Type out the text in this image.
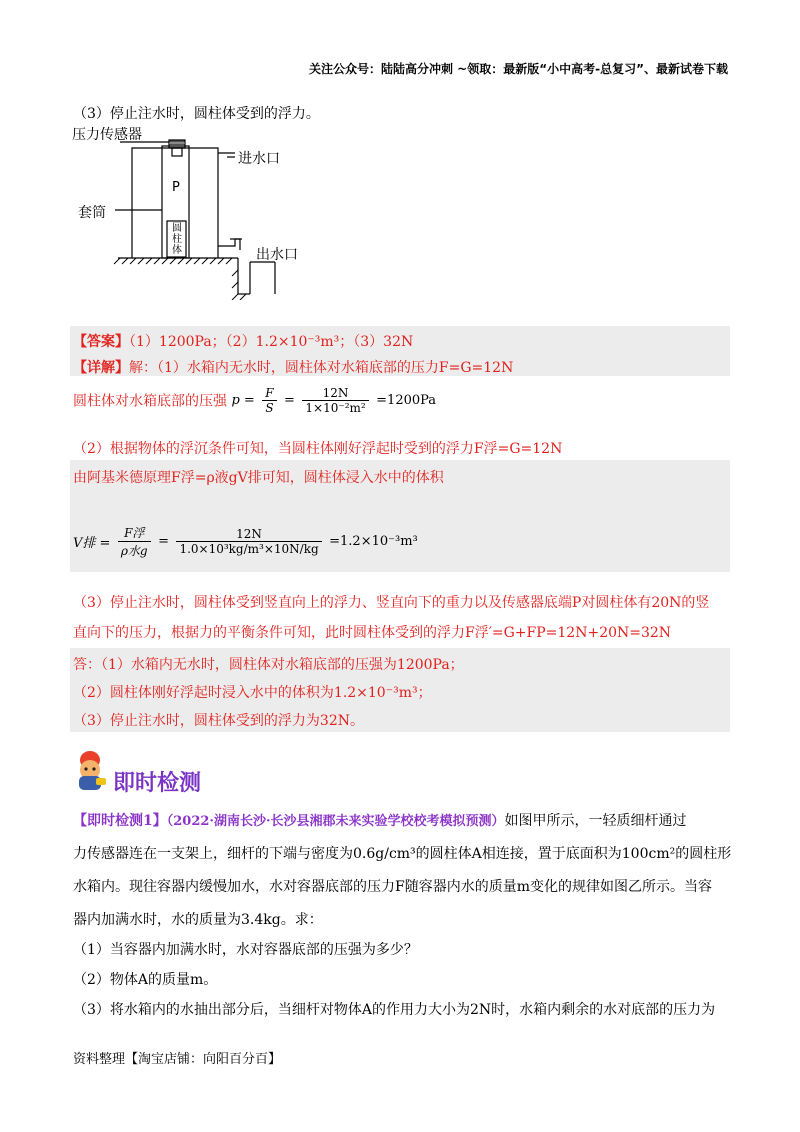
关注公众号：陆陆高分冲刺 ~领取：最新版“小中高考-总复习”、最新试卷下载
（3）停止注水时，圆柱体受到的浮力。
压力传感器
进水口
套筒
P
圆柱体	出水口
【答案】（1）1200Pa；（2）1.2×10⁻³m³；（3）32N
【详解】解：（1）水箱内无水时，圆柱体对水箱底部的压力F=G=12N
圆柱体对水箱底部的压强 $p = \frac{F}{S} = \frac{12N}{\text{1×10⁻²m²}} =1200Pa$
（2）根据物体的浮沉条件可知，当圆柱体刚好浮起时受到的浮力F浮=G=12N
由阿基米德原理F浮=ρ液gV排可知，圆柱体浸入水中的体积
V排 = $\frac{\text{F浮}}{\text{ρ水g}} = \frac{12N}{\text{1.0×10³kg/m³×10N/kg}} =1.2\times 10^{-3}m^3$
（3）停止注水时，圆柱体受到竖直向上的浮力、竖直向下的重力以及传感器底端P对圆柱体有20N的竖
直向下的压力，根据力的平衡条件可知，此时圆柱体受到的浮力F浮′=G+FP=12N+20N=32N
答：（1）水箱内无水时，圆柱体对水箱底部的压强为1200Pa；
（2）圆柱体刚好浮起时浸入水中的体积为1.2×10⁻³m³；
（3）停止注水时，圆柱体受到的浮力为32N。
即时检测
【即时检测1】（2022·湖南长沙·长沙县湘郡未来实验学校校考模拟预测）如图甲所示，一轻质细杆通过
力传感器连在一支架上，细杆的下端与密度为0.6g/cm³的圆柱体A相连接，置于底面积为100cm²的圆柱形
水箱内。现往容器内缓慢加水，水对容器底部的压力F随容器内水的质量m变化的规律如图乙所示。当容
器内加满水时，水的质量为3.4kg。求：
（1）当容器内加满水时，水对容器底部的压强为多少？
（2）物体A的质量m。
（3）将水箱内的水抽出部分后，当细杆对物体A的作用力大小为2N时，水箱内剩余的水对底部的压力为
资料整理【淘宝店铺：向阳百分百】
